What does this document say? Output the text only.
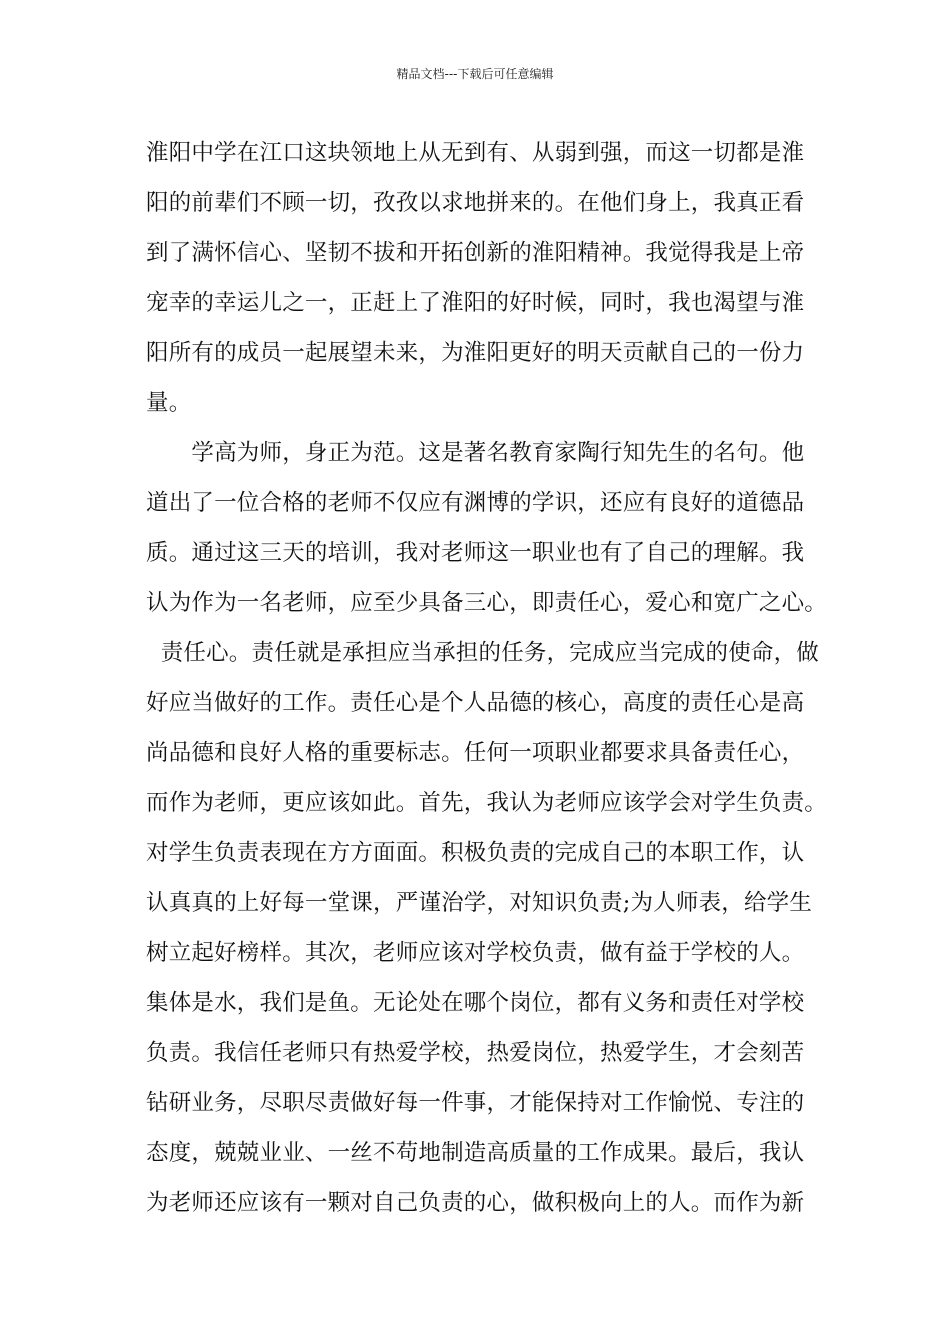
精品文档---下载后可任意编辑
淮阳中学在江口这块领地上从无到有、从弱到强，而这一切都是淮
阳的前辈们不顾一切，孜孜以求地拼来的。在他们身上，我真正看
到了满怀信心、坚韧不拔和开拓创新的淮阳精神。我觉得我是上帝
宠幸的幸运儿之一，正赶上了淮阳的好时候，同时，我也渴望与淮
阳所有的成员一起展望未来，为淮阳更好的明天贡献自己的一份力
量。
　　学高为师，身正为范。这是著名教育家陶行知先生的名句。他
道出了一位合格的老师不仅应有渊博的学识，还应有良好的道德品
质。通过这三天的培训，我对老师这一职业也有了自己的理解。我
认为作为一名老师，应至少具备三心，即责任心，爱心和宽广之心。
责任心。责任就是承担应当承担的任务，完成应当完成的使命，做
好应当做好的工作。责任心是个人品德的核心，高度的责任心是高
尚品德和良好人格的重要标志。任何一项职业都要求具备责任心，
而作为老师，更应该如此。首先，我认为老师应该学会对学生负责。
对学生负责表现在方方面面。积极负责的完成自己的本职工作，认
认真真的上好每一堂课，严谨治学，对知识负责;为人师表，给学生
树立起好榜样。其次，老师应该对学校负责，做有益于学校的人。
集体是水，我们是鱼。无论处在哪个岗位，都有义务和责任对学校
负责。我信任老师只有热爱学校，热爱岗位，热爱学生，才会刻苦
钻研业务，尽职尽责做好每一件事，才能保持对工作愉悦、专注的
态度，兢兢业业、一丝不苟地制造高质量的工作成果。最后，我认
为老师还应该有一颗对自己负责的心，做积极向上的人。而作为新
